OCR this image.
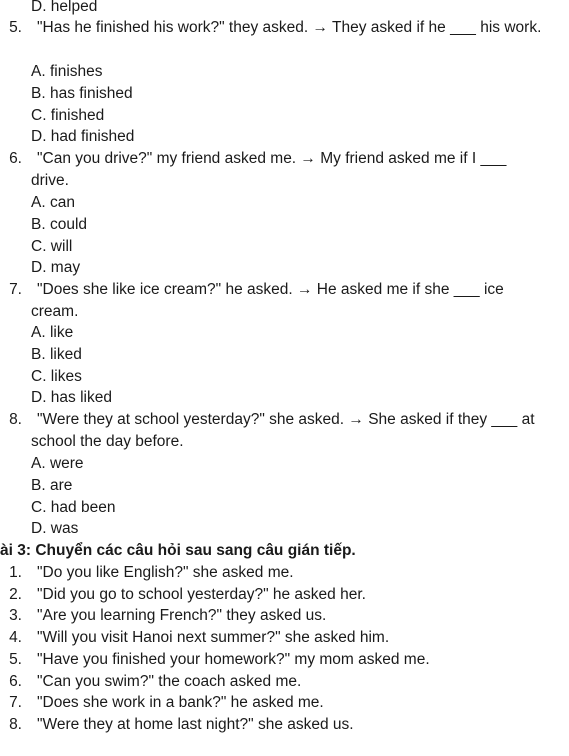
D. helped
5. "Has he finished his work?" they asked. → They asked if he ___ his work.
A. finishes
B. has finished
C. finished
D. had finished
6. "Can you drive?" my friend asked me. → My friend asked me if I ___
drive.
A. can
B. could
C. will
D. may
7. "Does she like ice cream?" he asked. → He asked me if she ___ ice
cream.
A. like
B. liked
C. likes
D. has liked
8. "Were they at school yesterday?" she asked. → She asked if they ___ at
school the day before.
A. were
B. are
C. had been
D. was
ài 3: Chuyển các câu hỏi sau sang câu gián tiếp.
1. "Do you like English?" she asked me.
2. "Did you go to school yesterday?" he asked her.
3. "Are you learning French?" they asked us.
4. "Will you visit Hanoi next summer?" she asked him.
5. "Have you finished your homework?" my mom asked me.
6. "Can you swim?" the coach asked me.
7. "Does she work in a bank?" he asked me.
8. "Were they at home last night?" she asked us.
